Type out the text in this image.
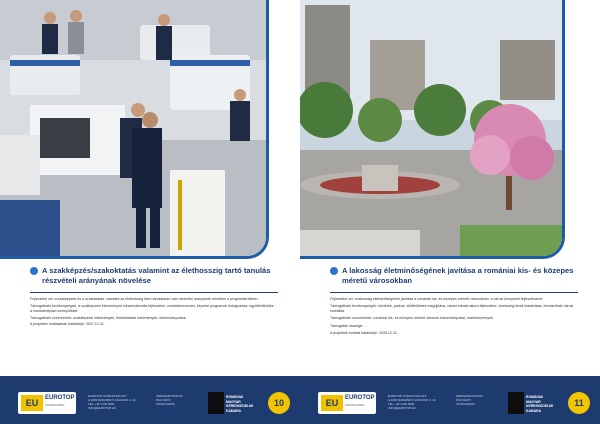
A szakképzés/szakoktatás valamint az élethosszig tartó tanulás részvételi arányának növelése

Fejlesztési cél: a szakképzés és a szakoktatás, valamint az élethosszig tartó tanulásban való részvétel arányának növelése a programterületen.

Támogatható tevékenységek: a szakképzési intézmények infrastrukturális fejlesztése, eszközbeszerzés, képzési programok kidolgozása, együttműködés a munkaerőpiaci szereplőkkel.

Támogatható szervezetek: szakképzési intézmények, felsőoktatási intézmények, önkormányzatok.

A projektek indításának határideje: 2027.12.31.

EU	EUROTOP
CONSULTING
EUROTOP CONSULTING KFT.
H-1093 BUDAPEST, CZUCZOR U. 10.
TEL: +36 1 000 0000
INFO@EUROTOP.HU
WWW.EUROTOP.HU
PÁLYÁZATI
TANÁCSADÁS
ROMÁNIAI
MAGYAR
KERESKEDELMI
KAMARA
10
A lakosság életminőségének javítása a romániai kis- és közepes méretű városokban

Fejlesztési cél: a lakosság életminőségének javítása a romániai kis- és közepes méretű városokban, a városi környezet fejlesztésével.

Támogatható tevékenységek: közterek, parkok, zöldfelületek megújítása, városi infrastruktúra fejlesztése, közösségi terek kialakítása, fenntartható városi mobilitás.

Támogatható szervezetek: romániai kis- és közepes méretű városok önkormányzatai, közintézmények.

Támogatás összege: ...

A projektek indítási határideje: 2026.12.31.

EU	EUROTOP
CONSULTING
EUROTOP CONSULTING KFT.
H-1093 BUDAPEST, CZUCZOR U. 10.
TEL: +36 1 000 0000
INFO@EUROTOP.HU
WWW.EUROTOP.HU
PÁLYÁZATI
TANÁCSADÁS
ROMÁNIAI
MAGYAR
KERESKEDELMI
KAMARA
11
